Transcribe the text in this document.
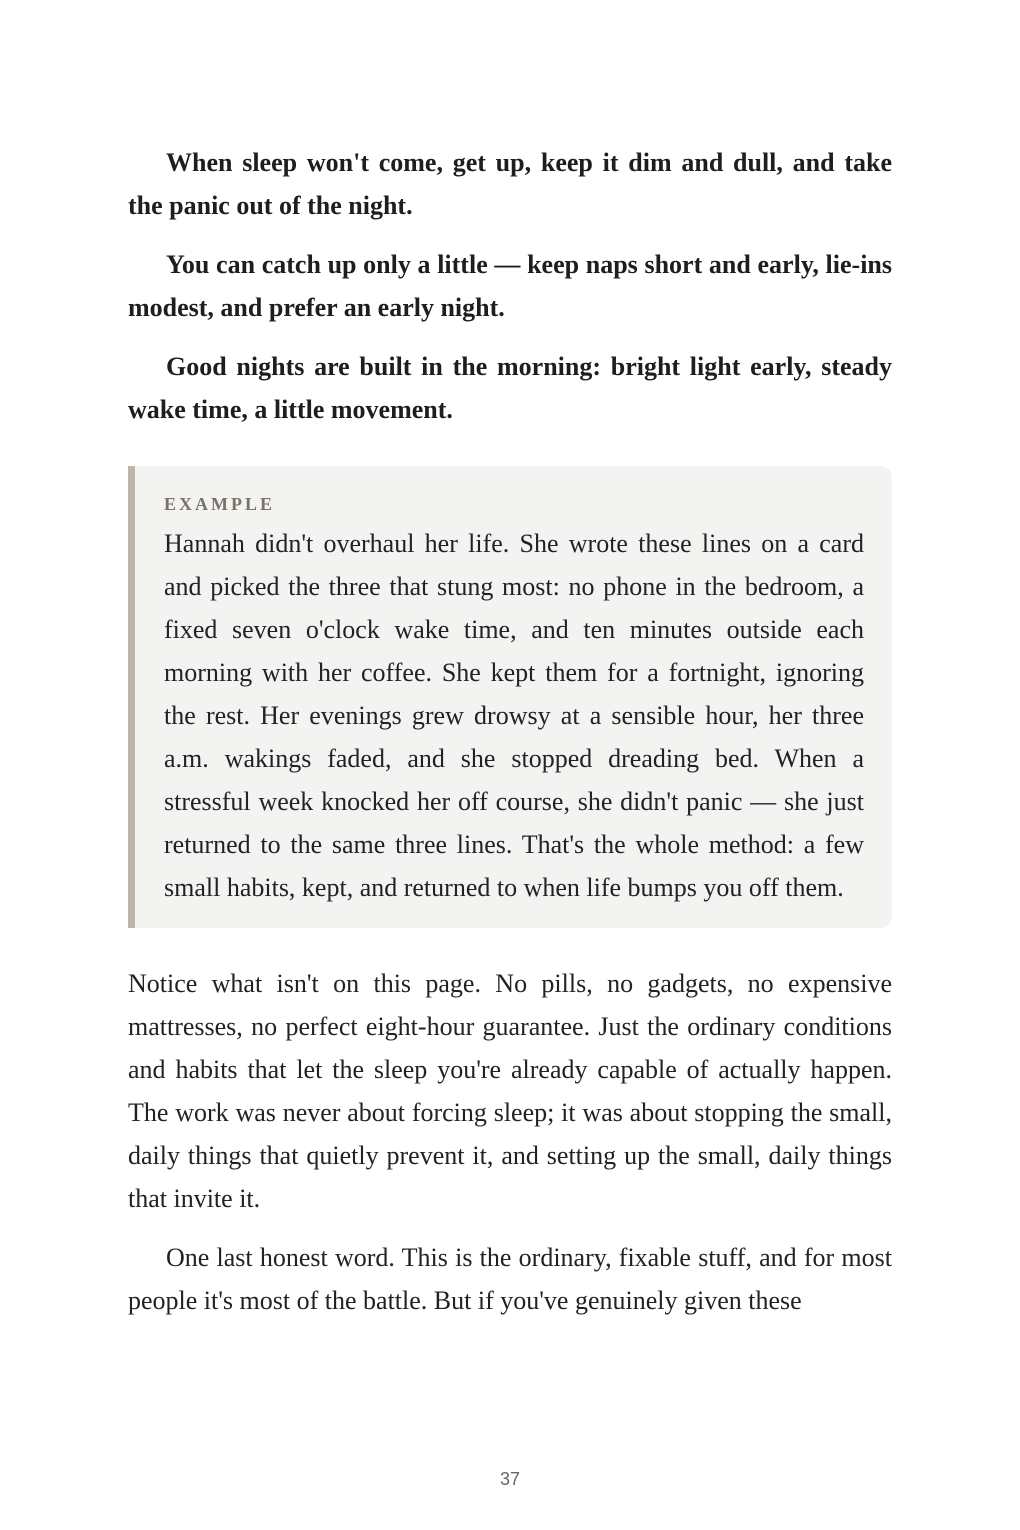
When sleep won't come, get up, keep it dim and dull, and take the panic out of the night.

You can catch up only a little — keep naps short and early, lie-ins modest, and prefer an early night.

Good nights are built in the morning: bright light early, steady wake time, a little movement.

EXAMPLE

Hannah didn't overhaul her life. She wrote these lines on a card and picked the three that stung most: no phone in the bedroom, a fixed seven o'clock wake time, and ten minutes outside each morning with her coffee. She kept them for a fortnight, ignoring the rest. Her evenings grew drowsy at a sensible hour, her three a.m. wakings faded, and she stopped dreading bed. When a stressful week knocked her off course, she didn't panic — she just returned to the same three lines. That's the whole method: a few small habits, kept, and returned to when life bumps you off them.

Notice what isn't on this page. No pills, no gadgets, no expensive mattresses, no perfect eight-hour guarantee. Just the ordinary conditions and habits that let the sleep you're already capable of actually happen. The work was never about forcing sleep; it was about stopping the small, daily things that quietly prevent it, and setting up the small, daily things that invite it.

One last honest word. This is the ordinary, fixable stuff, and for most people it's most of the battle. But if you've genuinely given these

37
